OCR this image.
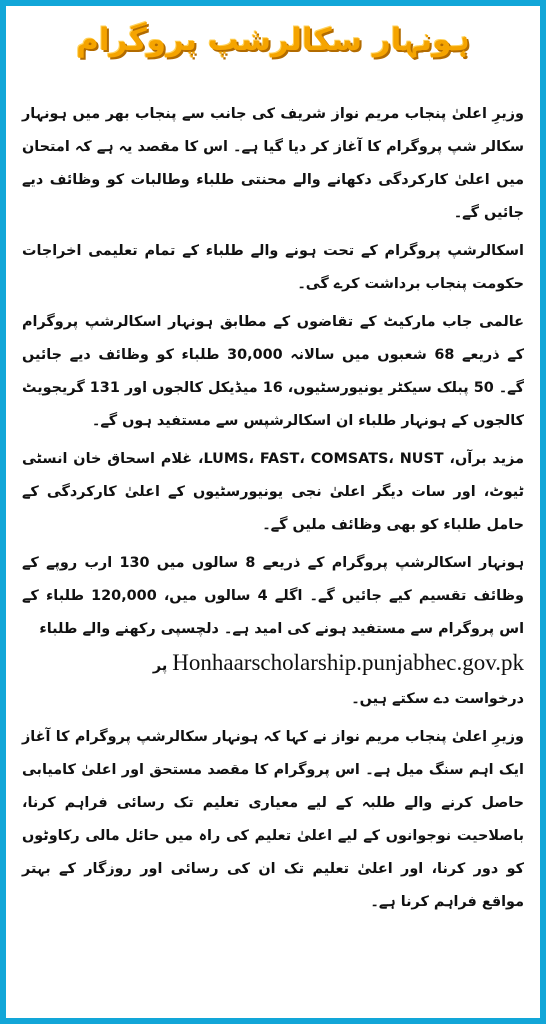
ہونہار سکالرشپ پروگرام

وزیرِ اعلیٰ پنجاب مریم نواز شریف کی جانب سے پنجاب بھر میں ہونہار سکالر شپ پروگرام کا آغاز کر دیا گیا ہے۔ اس کا مقصد یہ ہے کہ امتحان میں اعلیٰ کارکردگی دکھانے والے محنتی طلباء وطالبات کو وظائف دیے جائیں گے۔

اسکالرشپ پروگرام کے تحت ہونے والے طلباء کے تمام تعلیمی اخراجات حکومت پنجاب برداشت کرے گی۔

عالمی جاب مارکیٹ کے تقاضوں کے مطابق ہونہار اسکالرشپ پروگرام کے ذریعے 68 شعبوں میں سالانہ 30,000 طلباء کو وظائف دیے جائیں گے۔ 50 پبلک سیکٹر یونیورسٹیوں، 16 میڈیکل کالجوں اور 131 گریجویٹ کالجوں کے ہونہار طلباء ان اسکالرشپس سے مستفید ہوں گے۔

مزید برآں، LUMS، FAST، COMSATS، NUST، غلام اسحاق خان انسٹی ٹیوٹ، اور سات دیگر اعلیٰ نجی یونیورسٹیوں کے اعلیٰ کارکردگی کے حامل طلباء کو بھی وظائف ملیں گے۔

ہونہار اسکالرشپ پروگرام کے ذریعے 8 سالوں میں 130 ارب روپے کے وظائف تقسیم کیے جائیں گے۔ اگلے 4 سالوں میں، 120,000 طلباء کے اس پروگرام سے مستفید ہونے کی امید ہے۔ دلچسپی رکھنے والے طلباء
Honhaarscholarship.punjabhec.gov.pk پر
درخواست دے سکتے ہیں۔

وزیرِ اعلیٰ پنجاب مریم نواز نے کہا کہ ہونہار سکالرشپ پروگرام کا آغاز ایک اہم سنگ میل ہے۔ اس پروگرام کا مقصد مستحق اور اعلیٰ کامیابی حاصل کرنے والے طلبہ کے لیے معیاری تعلیم تک رسائی فراہم کرنا، باصلاحیت نوجوانوں کے لیے اعلیٰ تعلیم کی راہ میں حائل مالی رکاوٹوں کو دور کرنا، اور اعلیٰ تعلیم تک ان کی رسائی اور روزگار کے بہتر مواقع فراہم کرنا ہے۔
